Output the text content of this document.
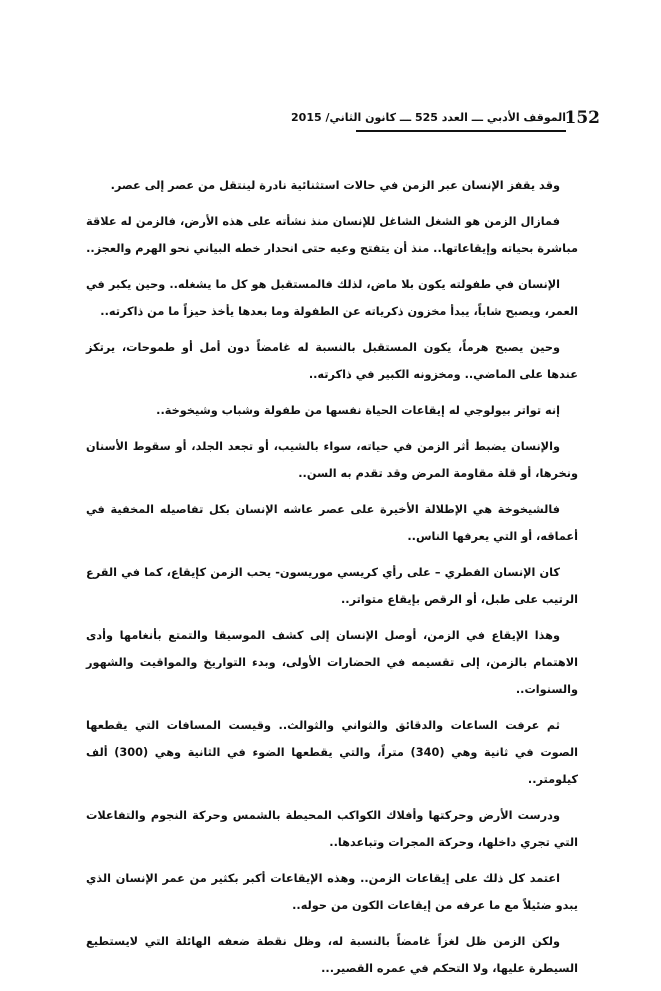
152
الموقف الأدبي ـــ العدد 525 ـــ كانون الثاني/ 2015

وقد يقفز الإنسان عبر الزمن في حالات استثنائية نادرة لينتقل من عصر إلى عصر.

فمازال الزمن هو الشغل الشاغل للإنسان منذ نشأته على هذه الأرض، فالزمن له علاقة مباشرة بحياته وإيقاعاتها.. منذ أن يتفتح وعيه حتى انحدار خطه البياني نحو الهرم والعجز..

الإنسان في طفولته يكون بلا ماض، لذلك فالمستقبل هو كل ما يشغله.. وحين يكبر في العمر، ويصبح شاباً، يبدأ مخزون ذكرياته عن الطفولة وما بعدها يأخذ حيزاً ما من ذاكرته..

وحين يصبح هرماً، يكون المستقبل بالنسبة له غامضاً دون أمل أو طموحات، يرتكز عندها على الماضي.. ومخزونه الكبير في ذاكرته..

إنه تواتر بيولوجي له إيقاعات الحياة نفسها من طفولة وشباب وشيخوخة..

والإنسان يضبط أثر الزمن في حياته، سواء بالشيب، أو تجعد الجلد، أو سقوط الأسنان ونخرها، أو قلة مقاومة المرض وقد تقدم به السن..

فالشيخوخة هي الإطلالة الأخيرة على عصر عاشه الإنسان بكل تفاصيله المخفية في أعماقه، أو التي يعرفها الناس..

كان الإنسان الفطري – على رأي كريسي موريسون- يحب الزمن كإيقاع، كما في القرع الرتيب على طبل، أو الرقص بإيقاع متواتر..

وهذا الإيقاع في الزمن، أوصل الإنسان إلى كشف الموسيقا والتمتع بأنغامها وأدى الاهتمام بالزمن، إلى تقسيمه في الحضارات الأولى، وبدء التواريخ والمواقيت والشهور والسنوات..

ثم عرفت الساعات والدقائق والثواني والثوالث.. وقيست المسافات التي يقطعها الصوت في ثانية وهي (340) متراً، والتي يقطعها الضوء في الثانية وهي (300) ألف كيلومتر..

ودرست الأرض وحركتها وأفلاك الكواكب المحيطة بالشمس وحركة النجوم والتفاعلات التي تجري داخلها، وحركة المجرات وتباعدها..

اعتمد كل ذلك على إيقاعات الزمن.. وهذه الإيقاعات أكبر بكثير من عمر الإنسان الذي يبدو ضئيلاً مع ما عرفه من إيقاعات الكون من حوله..

ولكن الزمن ظل لغزاً غامضاً بالنسبة له، وظل نقطة ضعفه الهائلة التي لايستطيع السيطرة عليها، ولا التحكم في عمره القصير...
